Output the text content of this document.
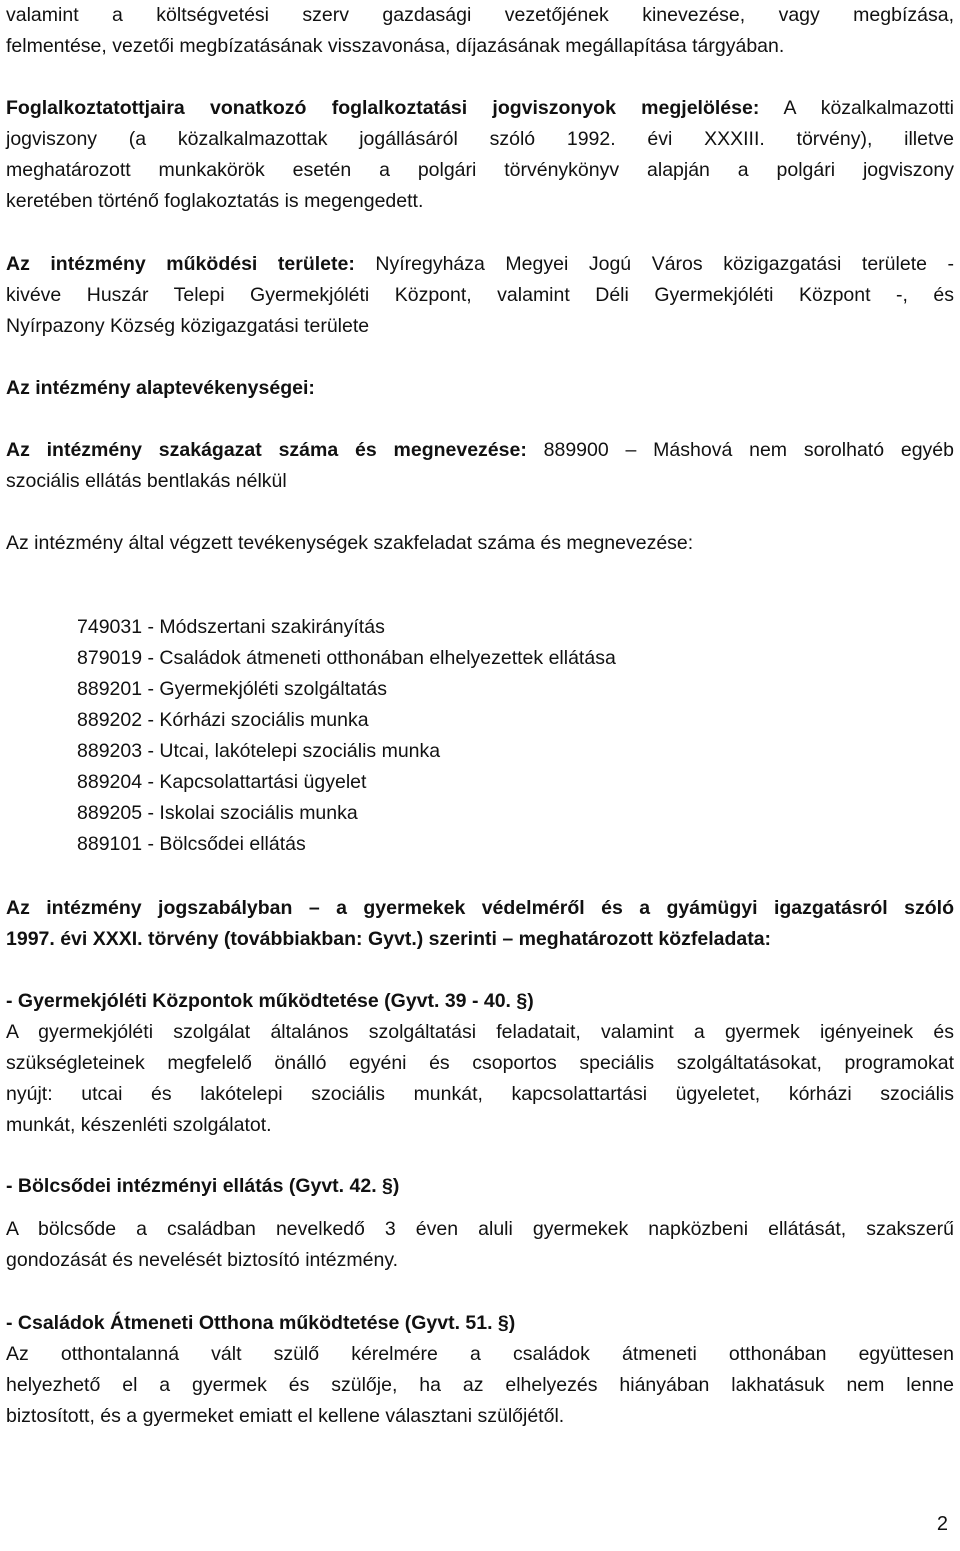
valamint a költségvetési szerv gazdasági vezetőjének kinevezése, vagy megbízása,
felmentése, vezetői megbízatásának visszavonása, díjazásának megállapítása tárgyában.

Foglalkoztatottjaira vonatkozó foglalkoztatási jogviszonyok megjelölése: A közalkalmazotti
jogviszony (a közalkalmazottak jogállásáról szóló 1992. évi XXXIII. törvény), illetve
meghatározott munkakörök esetén a polgári törvénykönyv alapján a polgári jogviszony
keretében történő foglakoztatás is megengedett.

Az intézmény működési területe: Nyíregyháza Megyei Jogú Város közigazgatási területe -
kivéve Huszár Telepi Gyermekjóléti Központ, valamint Déli Gyermekjóléti Központ -, és
Nyírpazony Község közigazgatási területe

Az intézmény alaptevékenységei:

Az intézmény szakágazat száma és megnevezése: 889900 – Máshová nem sorolható egyéb
szociális ellátás bentlakás nélkül

Az intézmény által végzett tevékenységek szakfeladat száma és megnevezése:

749031 - Módszertani szakirányítás
879019 - Családok átmeneti otthonában elhelyezettek ellátása
889201 - Gyermekjóléti szolgáltatás
889202 - Kórházi szociális munka
889203 - Utcai, lakótelepi szociális munka
889204 - Kapcsolattartási ügyelet
889205 - Iskolai szociális munka
889101 - Bölcsődei ellátás

Az intézmény jogszabályban – a gyermekek védelméről és a gyámügyi igazgatásról szóló
1997. évi XXXI. törvény (továbbiakban: Gyvt.) szerinti – meghatározott közfeladata:

- Gyermekjóléti Központok működtetése (Gyvt. 39 - 40. §)
A gyermekjóléti szolgálat általános szolgáltatási feladatait, valamint a gyermek igényeinek és
szükségleteinek megfelelő önálló egyéni és csoportos speciális szolgáltatásokat, programokat
nyújt: utcai és lakótelepi szociális munkát, kapcsolattartási ügyeletet, kórházi szociális
munkát, készenléti szolgálatot.

- Bölcsődei intézményi ellátás (Gyvt. 42. §)

A bölcsőde a családban nevelkedő 3 éven aluli gyermekek napközbeni ellátását, szakszerű
gondozását és nevelését biztosító intézmény.

- Családok Átmeneti Otthona működtetése (Gyvt. 51. §)
Az otthontalanná vált szülő kérelmére a családok átmeneti otthonában együttesen
helyezhető el a gyermek és szülője, ha az elhelyezés hiányában lakhatásuk nem lenne
biztosított, és a gyermeket emiatt el kellene választani szülőjétől.

2
